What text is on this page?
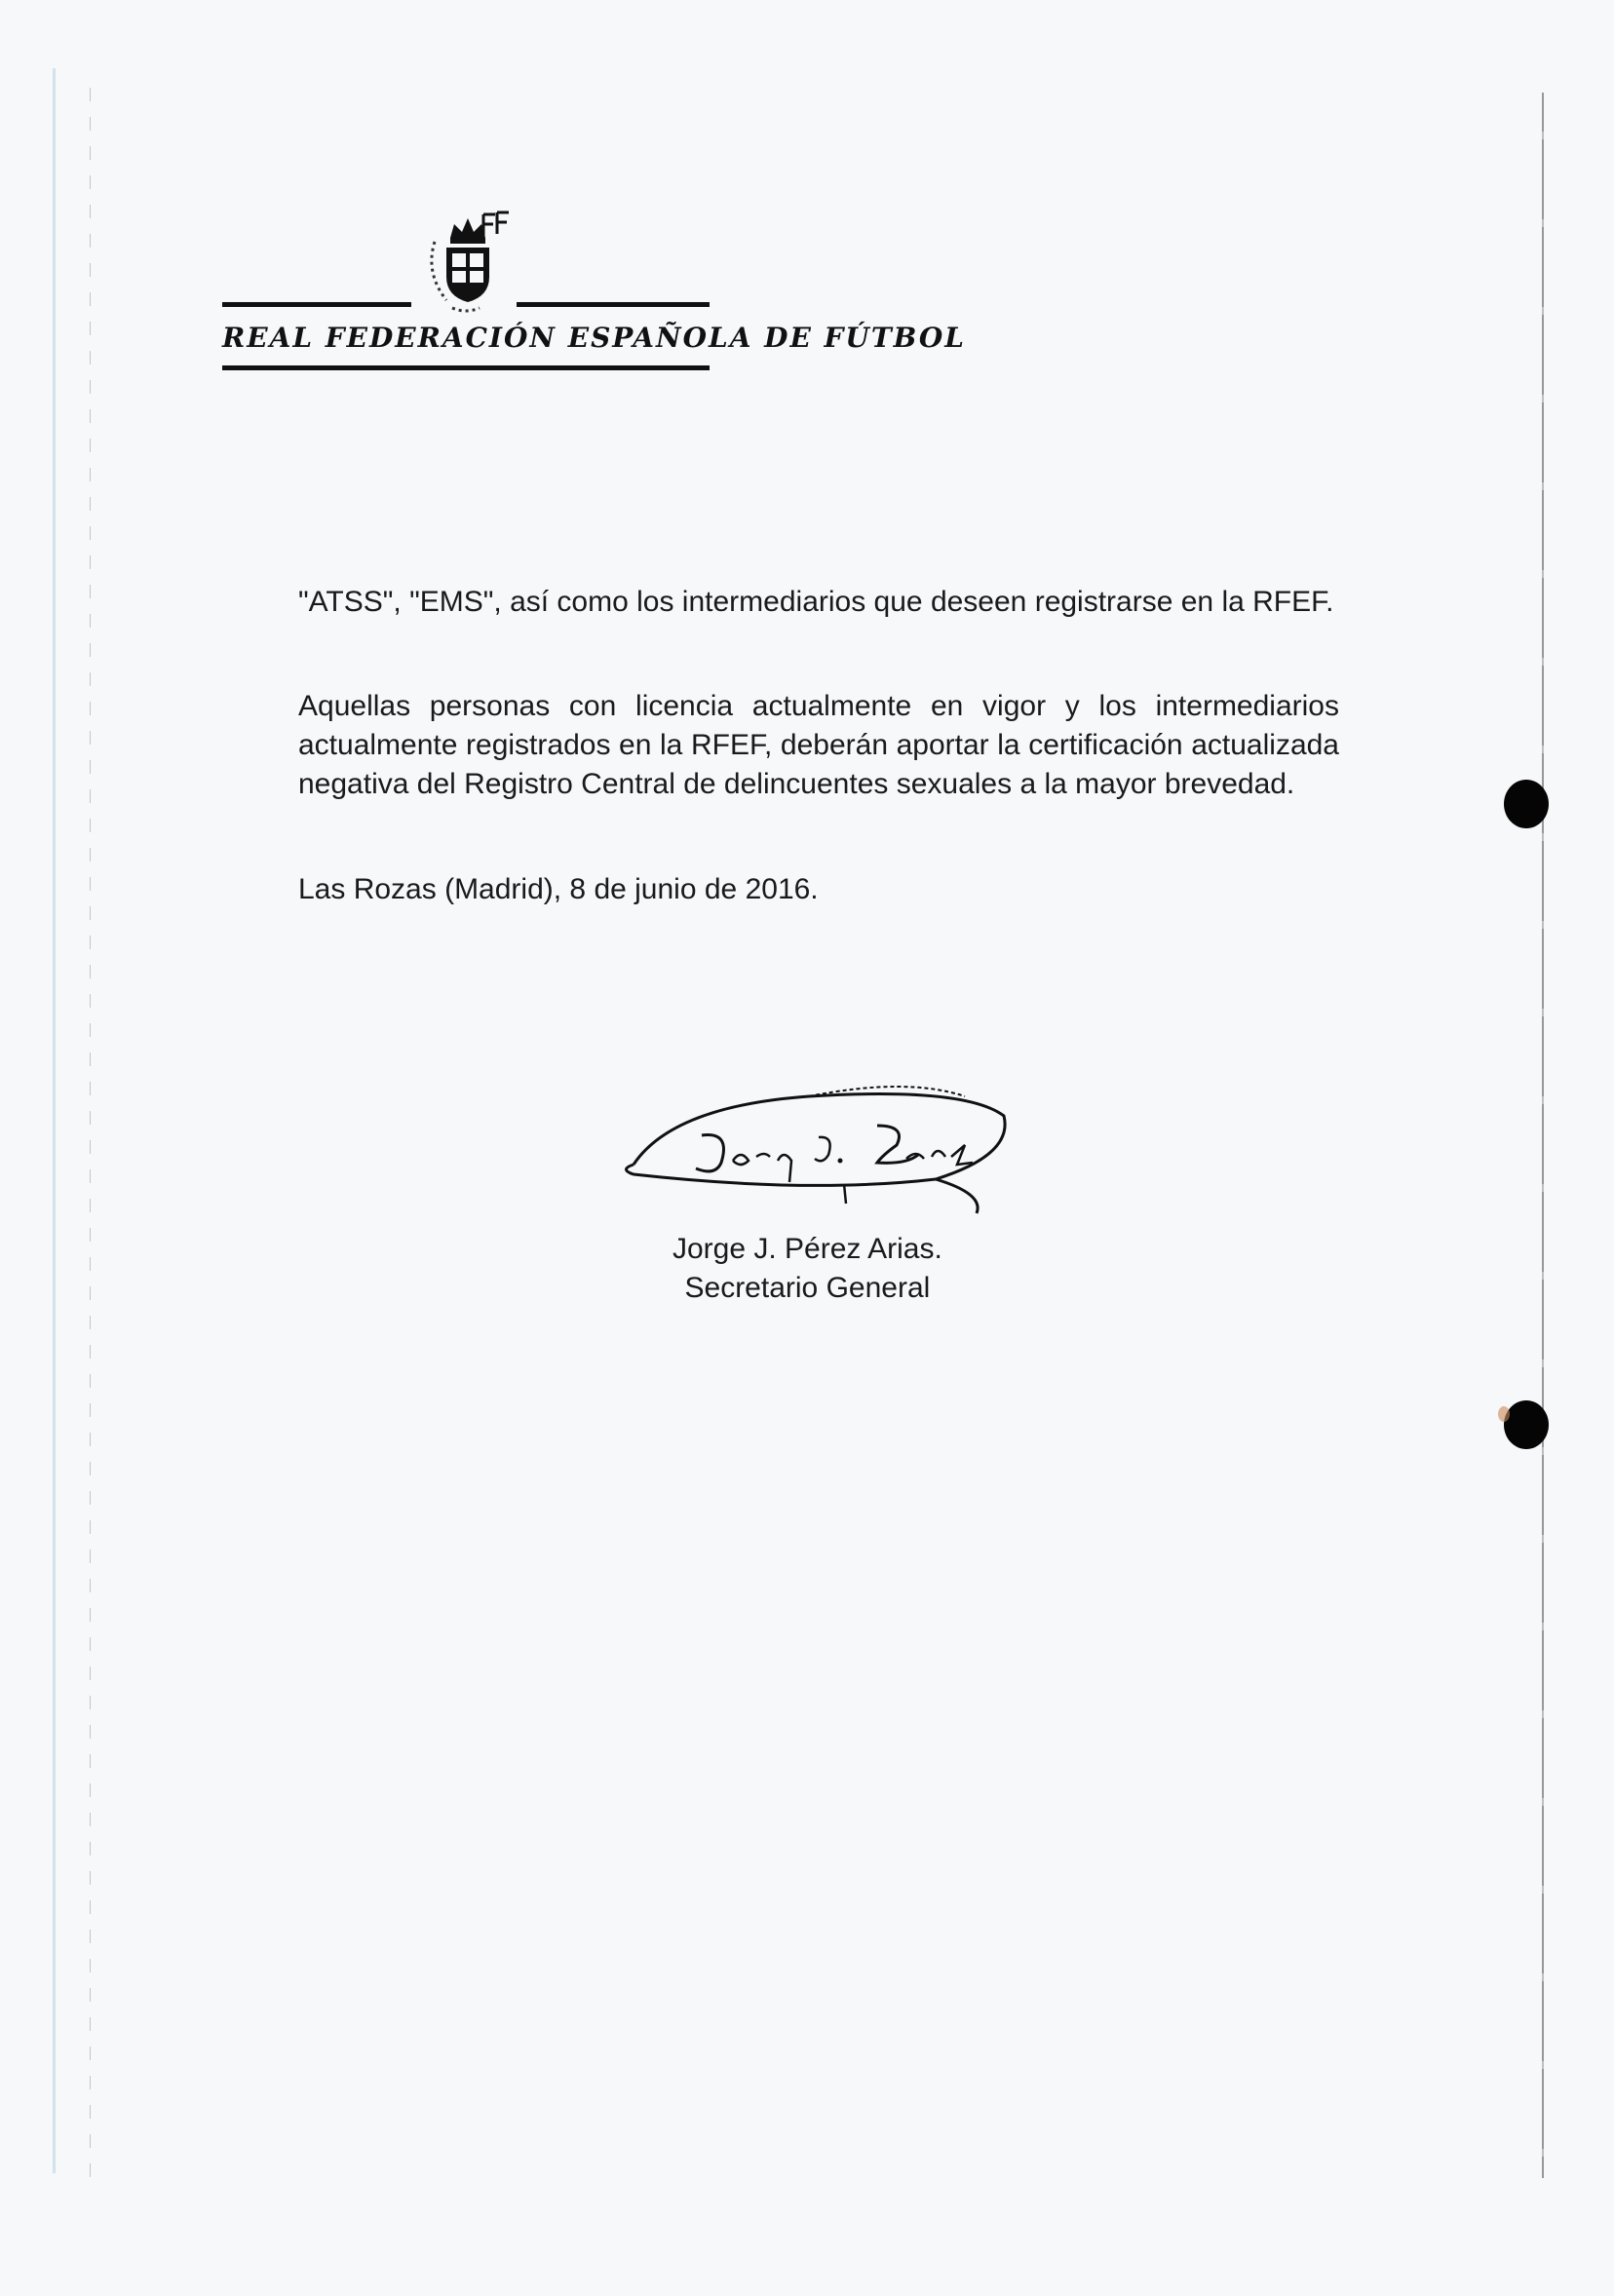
REAL FEDERACIÓN ESPAÑOLA DE FÚTBOL

"ATSS", "EMS", así como los intermediarios que deseen registrarse en la RFEF.

Aquellas personas con licencia actualmente en vigor y los intermediarios actualmente registrados en la RFEF, deberán aportar la certificación actualizada negativa del Registro Central de delincuentes sexuales a la mayor brevedad.

Las Rozas (Madrid), 8 de junio de 2016.

Jorge J. Pérez Arias.
Secretario General
